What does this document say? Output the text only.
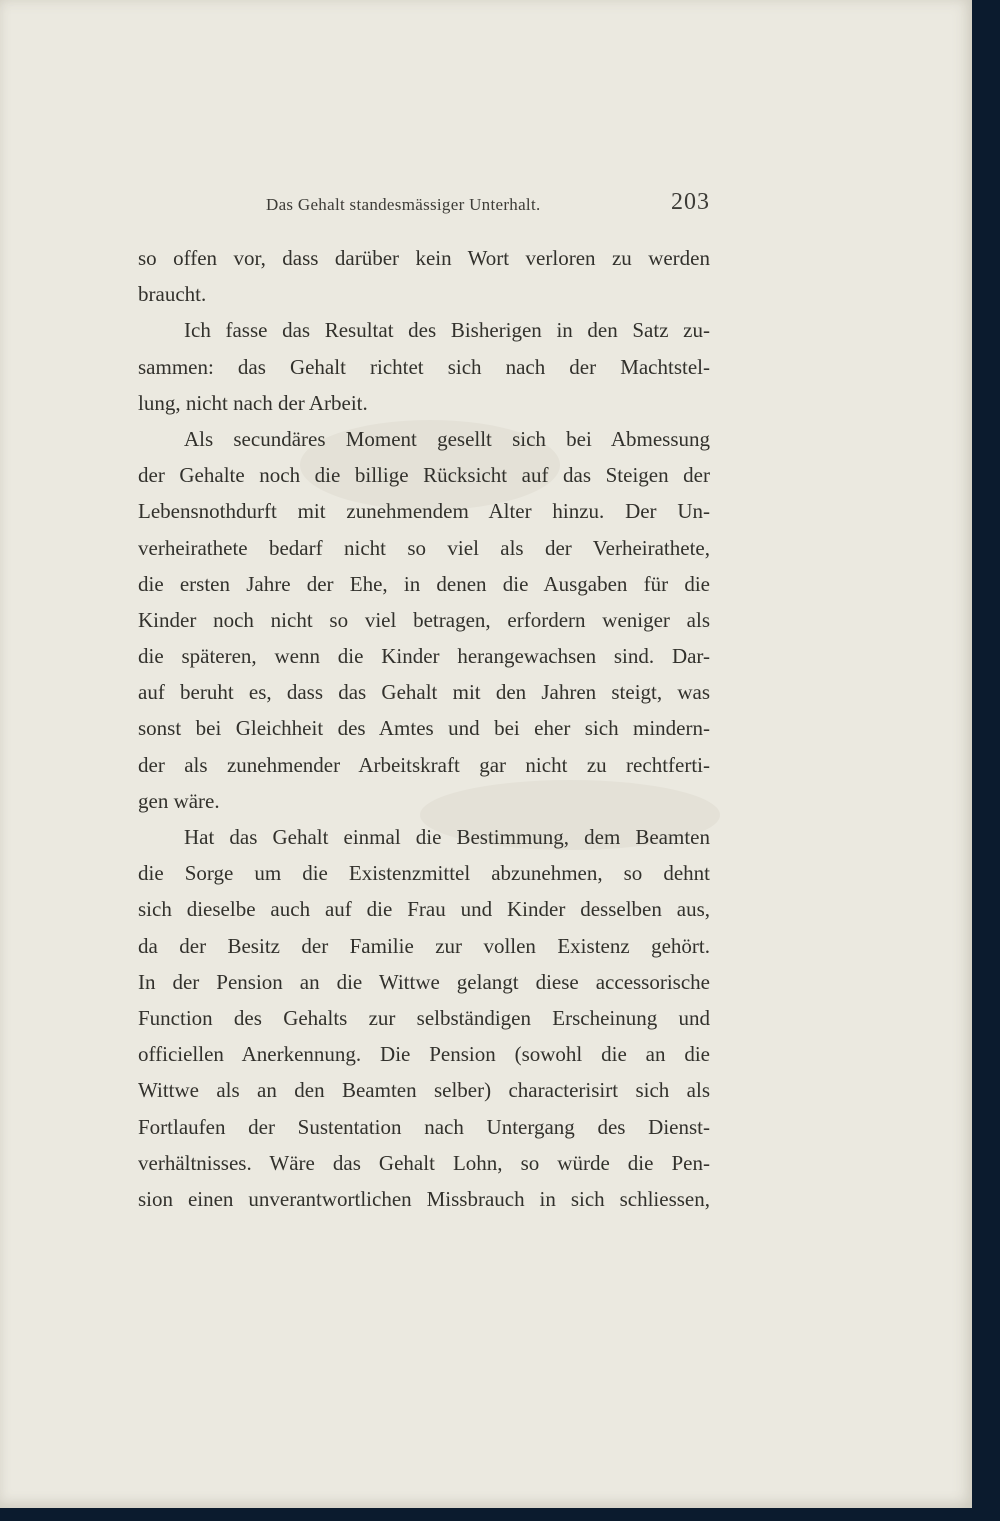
Das Gehalt standesmässiger Unterhalt.	203
so offen vor, dass darüber kein Wort verloren zu werden
braucht.
Ich fasse das Resultat des Bisherigen in den Satz zu-
sammen: das Gehalt richtet sich nach der Machtstel-
lung, nicht nach der Arbeit.
Als secundäres Moment gesellt sich bei Abmessung
der Gehalte noch die billige Rücksicht auf das Steigen der
Lebensnothdurft mit zunehmendem Alter hinzu. Der Un-
verheirathete bedarf nicht so viel als der Verheirathete,
die ersten Jahre der Ehe, in denen die Ausgaben für die
Kinder noch nicht so viel betragen, erfordern weniger als
die späteren, wenn die Kinder herangewachsen sind. Dar-
auf beruht es, dass das Gehalt mit den Jahren steigt, was
sonst bei Gleichheit des Amtes und bei eher sich mindern-
der als zunehmender Arbeitskraft gar nicht zu rechtferti-
gen wäre.
Hat das Gehalt einmal die Bestimmung, dem Beamten
die Sorge um die Existenzmittel abzunehmen, so dehnt
sich dieselbe auch auf die Frau und Kinder desselben aus,
da der Besitz der Familie zur vollen Existenz gehört.
In der Pension an die Wittwe gelangt diese accessorische
Function des Gehalts zur selbständigen Erscheinung und
officiellen Anerkennung. Die Pension (sowohl die an die
Wittwe als an den Beamten selber) characterisirt sich als
Fortlaufen der Sustentation nach Untergang des Dienst-
verhältnisses. Wäre das Gehalt Lohn, so würde die Pen-
sion einen unverantwortlichen Missbrauch in sich schliessen,
